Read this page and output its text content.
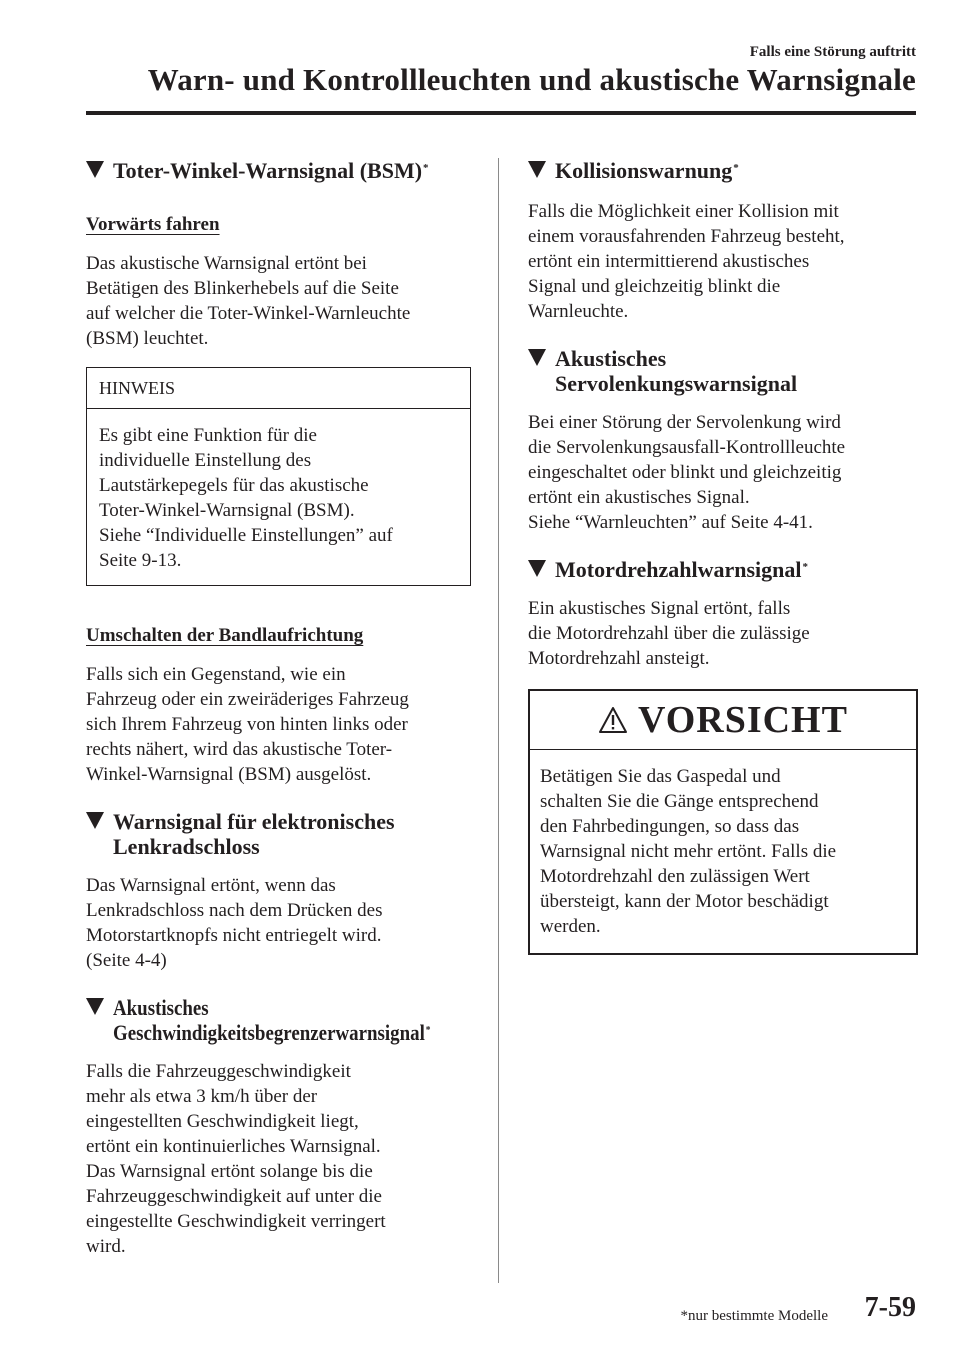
Falls eine Störung auftritt
Warn- und Kontrollleuchten und akustische Warnsignale
Toter-Winkel-Warnsignal (BSM)*
Vorwärts fahren

Das akustische Warnsignal ertönt bei

Betätigen des Blinkerhebels auf die Seite

auf welcher die Toter-Winkel-Warnleuchte

(BSM) leuchtet.

HINWEIS

Es gibt eine Funktion für die

individuelle Einstellung des

Lautstärkepegels für das akustische

Toter-Winkel-Warnsignal (BSM).

Siehe “Individuelle Einstellungen” auf

Seite 9-13.

Umschalten der Bandlaufrichtung

Falls sich ein Gegenstand, wie ein

Fahrzeug oder ein zweiräderiges Fahrzeug

sich Ihrem Fahrzeug von hinten links oder

rechts nähert, wird das akustische Toter-

Winkel-Warnsignal (BSM) ausgelöst.

Warnsignal für elektronisches
Lenkradschloss

Das Warnsignal ertönt, wenn das

Lenkradschloss nach dem Drücken des

Motorstartknopfs nicht entriegelt wird.

(Seite 4-4)

Akustisches
Geschwindigkeitsbegrenzerwarnsignal*

Falls die Fahrzeuggeschwindigkeit

mehr als etwa 3 km/h über der

eingestellten Geschwindigkeit liegt,

ertönt ein kontinuierliches Warnsignal.

Das Warnsignal ertönt solange bis die

Fahrzeuggeschwindigkeit auf unter die

eingestellte Geschwindigkeit verringert

wird.

Kollisionswarnung*

Falls die Möglichkeit einer Kollision mit

einem vorausfahrenden Fahrzeug besteht,

ertönt ein intermittierend akustisches

Signal und gleichzeitig blinkt die

Warnleuchte.

Akustisches
Servolenkungswarnsignal

Bei einer Störung der Servolenkung wird

die Servolenkungsausfall-Kontrollleuchte

eingeschaltet oder blinkt und gleichzeitig

ertönt ein akustisches Signal.

Siehe “Warnleuchten” auf Seite 4-41.

Motordrehzahlwarnsignal*

Ein akustisches Signal ertönt, falls

die Motordrehzahl über die zulässige

Motordrehzahl ansteigt.

VORSICHT

Betätigen Sie das Gaspedal und

schalten Sie die Gänge entsprechend

den Fahrbedingungen, so dass das

Warnsignal nicht mehr ertönt. Falls die

Motordrehzahl den zulässigen Wert

übersteigt, kann der Motor beschädigt

werden.

*nur bestimmte Modelle 7-59
